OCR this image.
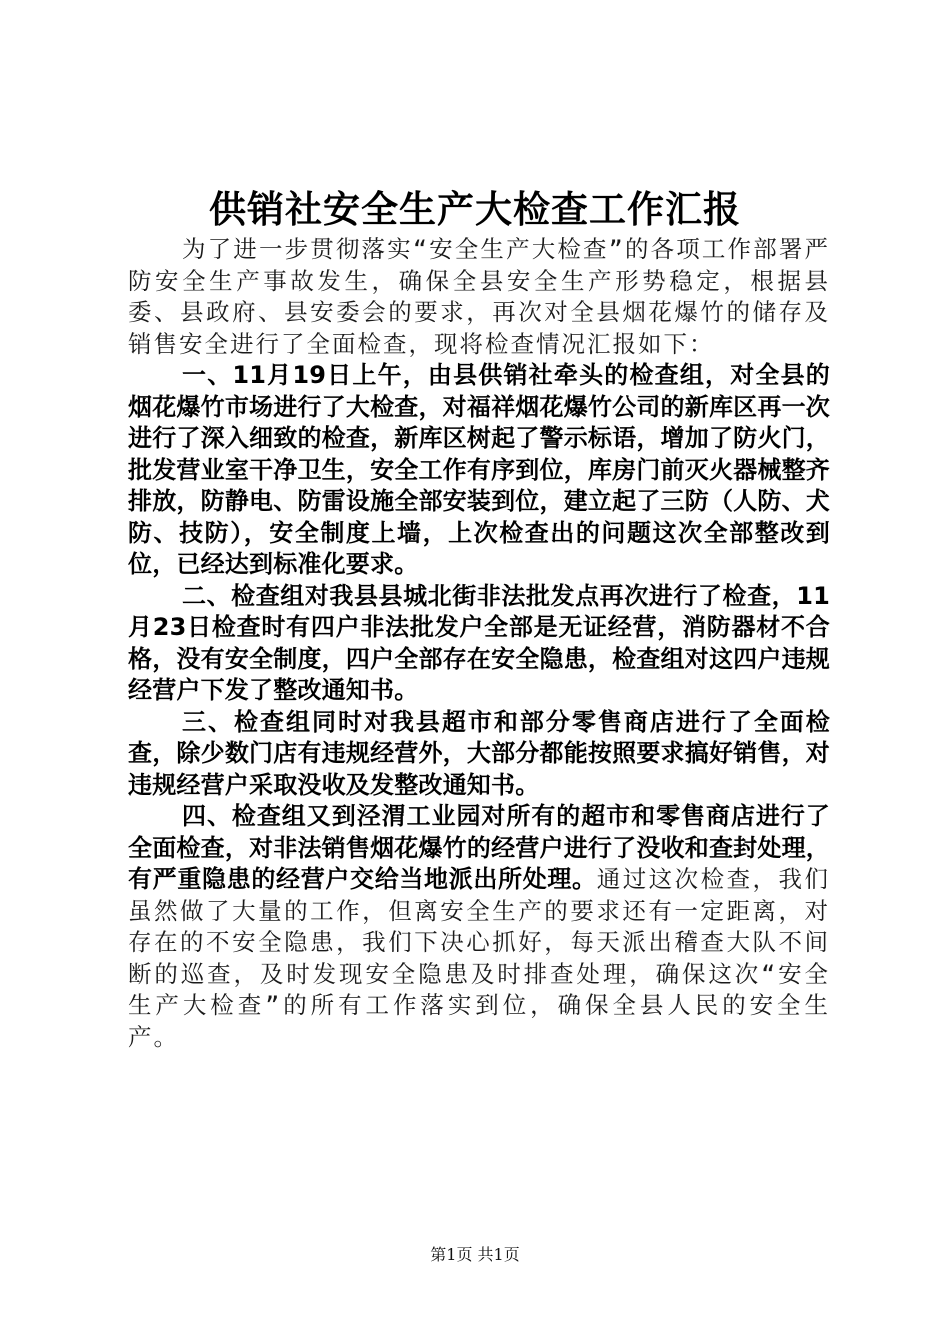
供销社安全生产大检查工作汇报

为了进一步贯彻落实“安全生产大检查”的各项工作部署严防安全生产事故发生，确保全县安全生产形势稳定，根据县委、县政府、县安委会的要求，再次对全县烟花爆竹的储存及销售安全进行了全面检查，现将检查情况汇报如下：

一、11月19日上午，由县供销社牵头的检查组，对全县的烟花爆竹市场进行了大检查，对福祥烟花爆竹公司的新库区再一次进行了深入细致的检查，新库区树起了警示标语，增加了防火门，批发营业室干净卫生，安全工作有序到位，库房门前灭火器械整齐排放，防静电、防雷设施全部安装到位，建立起了三防（人防、犬防、技防），安全制度上墙，上次检查出的问题这次全部整改到位，已经达到标准化要求。

二、检查组对我县县城北街非法批发点再次进行了检查，11月23日检查时有四户非法批发户全部是无证经营，消防器材不合格，没有安全制度，四户全部存在安全隐患，检查组对这四户违规经营户下发了整改通知书。

三、检查组同时对我县超市和部分零售商店进行了全面检查，除少数门店有违规经营外，大部分都能按照要求搞好销售，对违规经营户采取没收及发整改通知书。

四、检查组又到泾渭工业园对所有的超市和零售商店进行了全面检查，对非法销售烟花爆竹的经营户进行了没收和查封处理，有严重隐患的经营户交给当地派出所处理。通过这次检查，我们虽然做了大量的工作，但离安全生产的要求还有一定距离，对存在的不安全隐患，我们下决心抓好，每天派出稽查大队不间断的巡查，及时发现安全隐患及时排查处理，确保这次“安全生产大检查”的所有工作落实到位，确保全县人民的安全生产。

第1页 共1页
